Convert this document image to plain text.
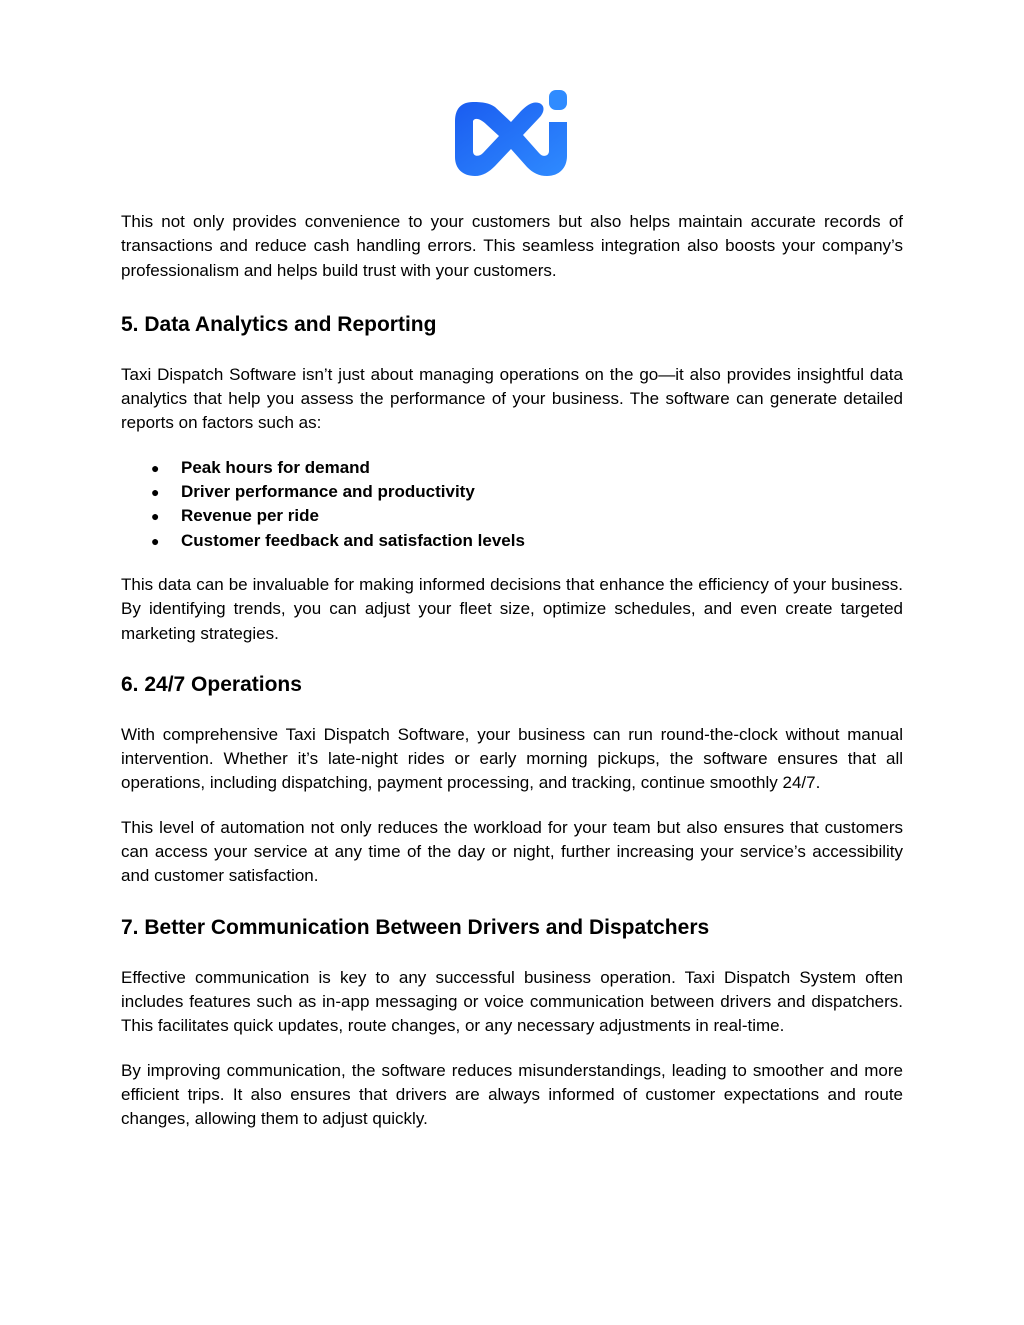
This not only provides convenience to your customers but also helps maintain accurate records of transactions and reduce cash handling errors. This seamless integration also boosts your company’s professionalism and helps build trust with your customers.

5. Data Analytics and Reporting

Taxi Dispatch Software isn’t just about managing operations on the go—it also provides insightful data analytics that help you assess the performance of your business. The software can generate detailed reports on factors such as:

● Peak hours for demand
● Driver performance and productivity
● Revenue per ride
● Customer feedback and satisfaction levels

This data can be invaluable for making informed decisions that enhance the efficiency of your business. By identifying trends, you can adjust your fleet size, optimize schedules, and even create targeted marketing strategies.

6. 24/7 Operations

With comprehensive Taxi Dispatch Software, your business can run round-the-clock without manual intervention. Whether it’s late-night rides or early morning pickups, the software ensures that all operations, including dispatching, payment processing, and tracking, continue smoothly 24/7.

This level of automation not only reduces the workload for your team but also ensures that customers can access your service at any time of the day or night, further increasing your service’s accessibility and customer satisfaction.

7. Better Communication Between Drivers and Dispatchers

Effective communication is key to any successful business operation. Taxi Dispatch System often includes features such as in-app messaging or voice communication between drivers and dispatchers. This facilitates quick updates, route changes, or any necessary adjustments in real-time.

By improving communication, the software reduces misunderstandings, leading to smoother and more efficient trips. It also ensures that drivers are always informed of customer expectations and route changes, allowing them to adjust quickly.
